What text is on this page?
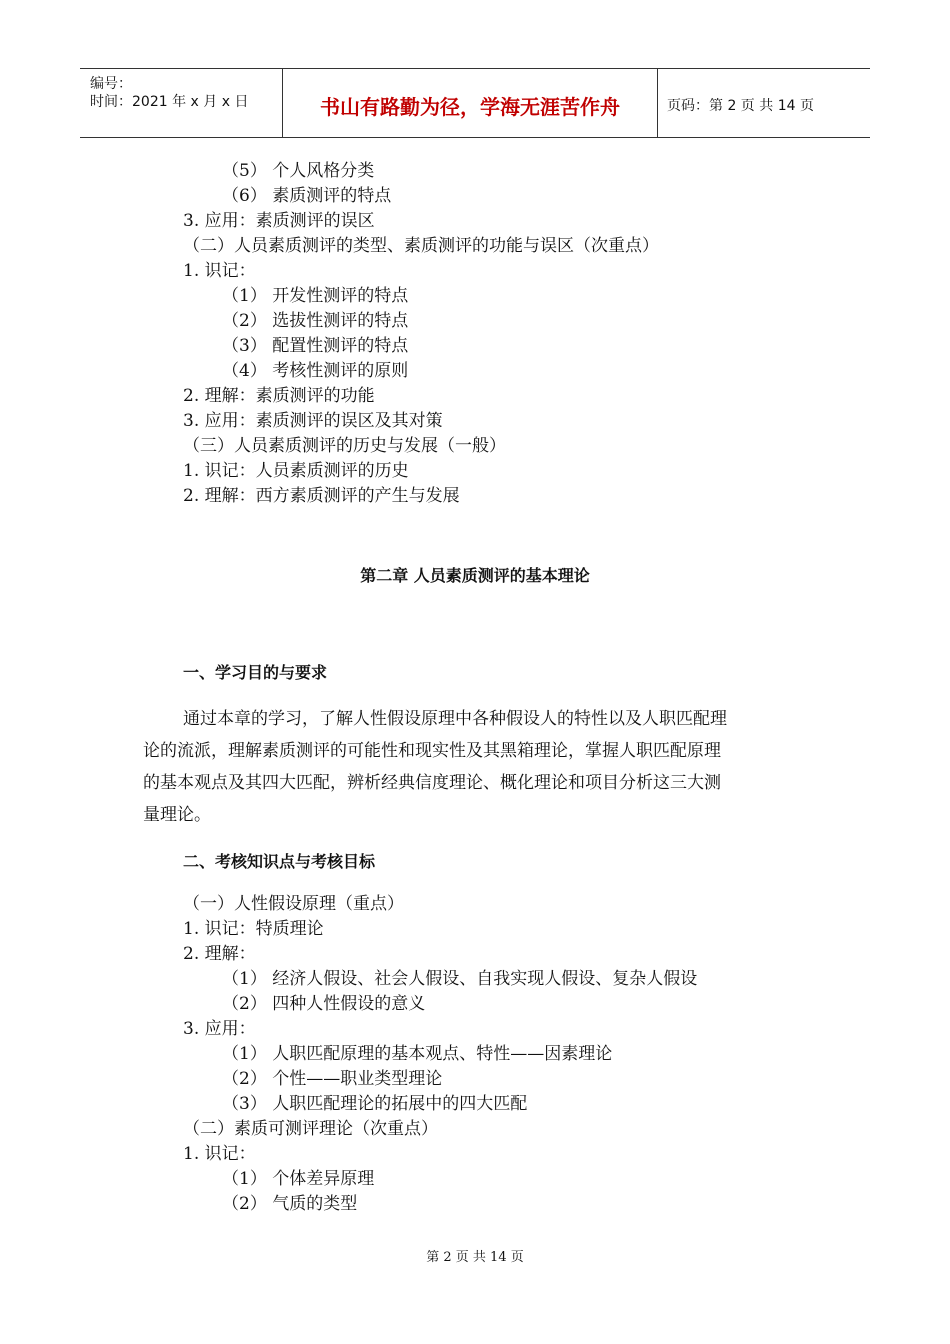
编号：
时间：2021 年 x 月 x 日	书山有路勤为径，学海无涯苦作舟	页码：第 2 页 共 14 页
（5） 个人风格分类
（6） 素质测评的特点
3. 应用：素质测评的误区
（二）人员素质测评的类型、素质测评的功能与误区（次重点）
1. 识记：
（1） 开发性测评的特点
（2） 选拔性测评的特点
（3） 配置性测评的特点
（4） 考核性测评的原则
2. 理解：素质测评的功能
3. 应用：素质测评的误区及其对策
（三）人员素质测评的历史与发展（一般）
1. 识记：人员素质测评的历史
2. 理解：西方素质测评的产生与发展
第二章 人员素质测评的基本理论
一、学习目的与要求
通过本章的学习，了解人性假设原理中各种假设人的特性以及人职匹配理
论的流派，理解素质测评的可能性和现实性及其黑箱理论，掌握人职匹配原理
的基本观点及其四大匹配，辨析经典信度理论、概化理论和项目分析这三大测
量理论。
二、考核知识点与考核目标
（一）人性假设原理（重点）
1. 识记：特质理论
2. 理解：
（1） 经济人假设、社会人假设、自我实现人假设、复杂人假设
（2） 四种人性假设的意义
3. 应用：
（1） 人职匹配原理的基本观点、特性——因素理论
（2） 个性——职业类型理论
（3） 人职匹配理论的拓展中的四大匹配
（二）素质可测评理论（次重点）
1. 识记：
（1） 个体差异原理
（2） 气质的类型
第 2 页 共 14 页
